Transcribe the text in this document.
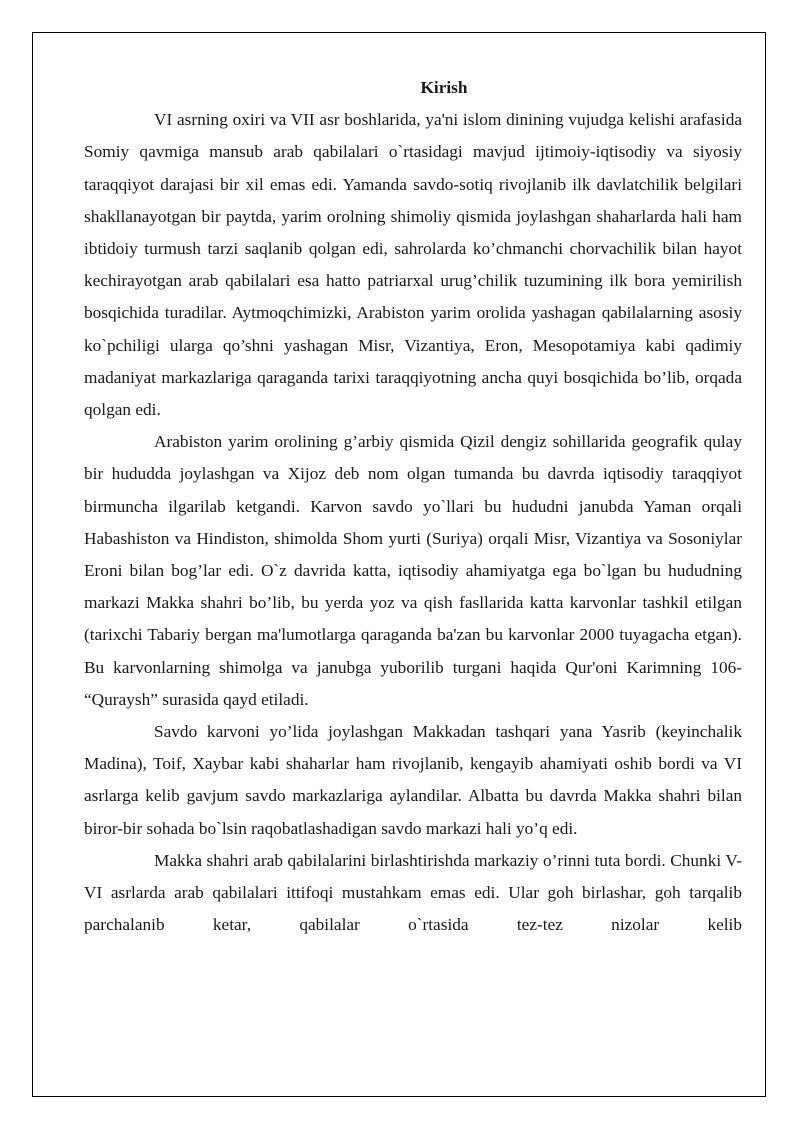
Kirish

VI asrning oxiri va VII asr boshlarida, ya'ni islom dinining vujudga kelishi arafasida Somiy qavmiga mansub arab qabilalari o`rtasidagi mavjud ijtimoiy-iqtisodiy va siyosiy taraqqiyot darajasi bir xil emas edi. Yamanda savdo-sotiq rivojlanib ilk davlatchilik belgilari shakllanayotgan bir paytda, yarim orolning shimoliy qismida joylashgan shaharlarda hali ham ibtidoiy turmush tarzi saqlanib qolgan edi, sahrolarda ko’chmanchi chorvachilik bilan hayot kechirayotgan arab qabilalari esa hatto patriarxal urug’chilik tuzumining ilk bora yemirilish bosqichida turadilar. Aytmoqchimizki, Arabiston yarim orolida yashagan qabilalarning asosiy ko`pchiligi ularga qo’shni yashagan Misr, Vizantiya, Eron, Mesopotamiya kabi qadimiy madaniyat markazlariga qaraganda tarixi taraqqiyotning ancha quyi bosqichida bo’lib, orqada qolgan edi.

Arabiston yarim orolining g’arbiy qismida Qizil dengiz sohillarida geografik qulay bir hududda joylashgan va Xijoz deb nom olgan tumanda bu davrda iqtisodiy taraqqiyot birmuncha ilgarilab ketgandi. Karvon savdo yo`llari bu hududni janubda Yaman orqali Habashiston va Hindiston, shimolda Shom yurti (Suriya) orqali Misr, Vizantiya va Sosoniylar Eroni bilan bog’lar edi. O`z davrida katta, iqtisodiy ahamiyatga ega bo`lgan bu hududning markazi Makka shahri bo’lib, bu yerda yoz va qish fasllarida katta karvonlar tashkil etilgan (tarixchi Tabariy bergan ma'lumotlarga qaraganda ba'zan bu karvonlar 2000 tuyagacha etgan). Bu karvonlarning shimolga va janubga yuborilib turgani haqida Qur'oni Karimning 106- “Quraysh” surasida qayd etiladi.

Savdo karvoni yo’lida joylashgan Makkadan tashqari yana Yasrib (keyinchalik Madina), Toif, Xaybar kabi shaharlar ham rivojlanib, kengayib ahamiyati oshib bordi va VI asrlarga kelib gavjum savdo markazlariga aylandilar. Albatta bu davrda Makka shahri bilan biror-bir sohada bo`lsin raqobatlashadigan savdo markazi hali yo’q edi.

Makka shahri arab qabilalarini birlashtirishda markaziy o’rinni tuta bordi. Chunki V-VI asrlarda arab qabilalari ittifoqi mustahkam emas edi. Ular goh birlashar, goh tarqalib parchalanib ketar, qabilalar o`rtasida tez-tez nizolar kelib
